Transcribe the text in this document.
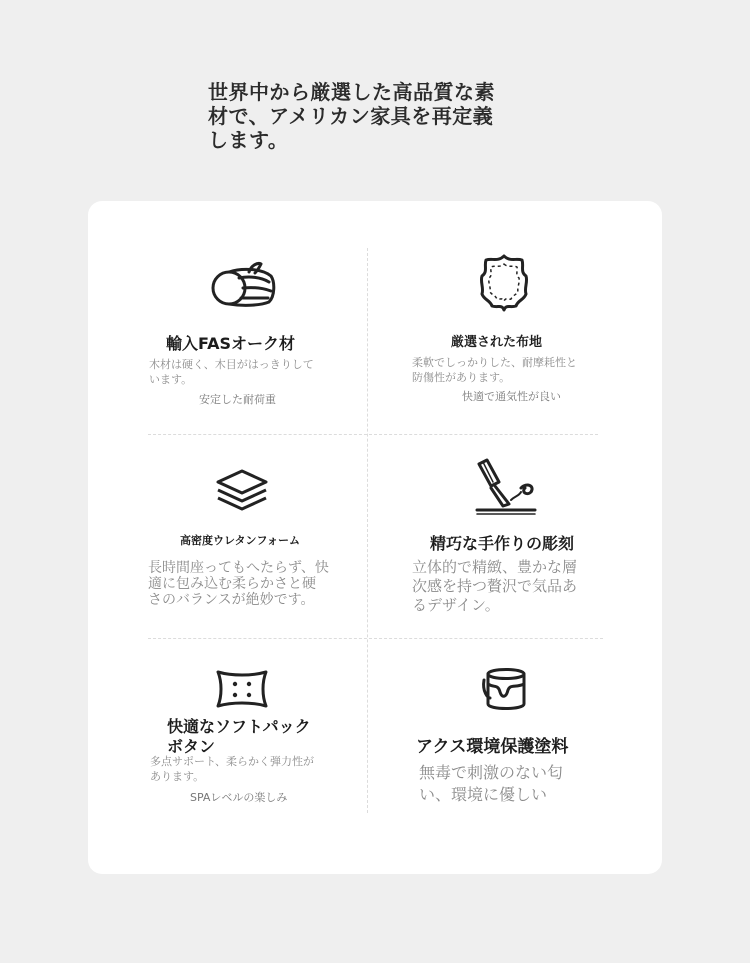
世界中から厳選した高品質な素
材で、アメリカン家具を再定義
します。
輸入FASオーク材
木材は硬く、木目がはっきりして
います。
安定した耐荷重
厳選された布地
柔軟でしっかりした、耐摩耗性と
防傷性があります。
快適で通気性が良い
高密度ウレタンフォーム
長時間座ってもへたらず、快
適に包み込む柔らかさと硬
さのバランスが絶妙です。
精巧な手作りの彫刻
立体的で精緻、豊かな層
次感を持つ贅沢で気品あ
るデザイン。
快適なソフトパック
ボタン
多点サポート、柔らかく弾力性が
あります。
SPAレベルの楽しみ
アクス環境保護塗料
無毒で刺激のない匂
い、環境に優しい
